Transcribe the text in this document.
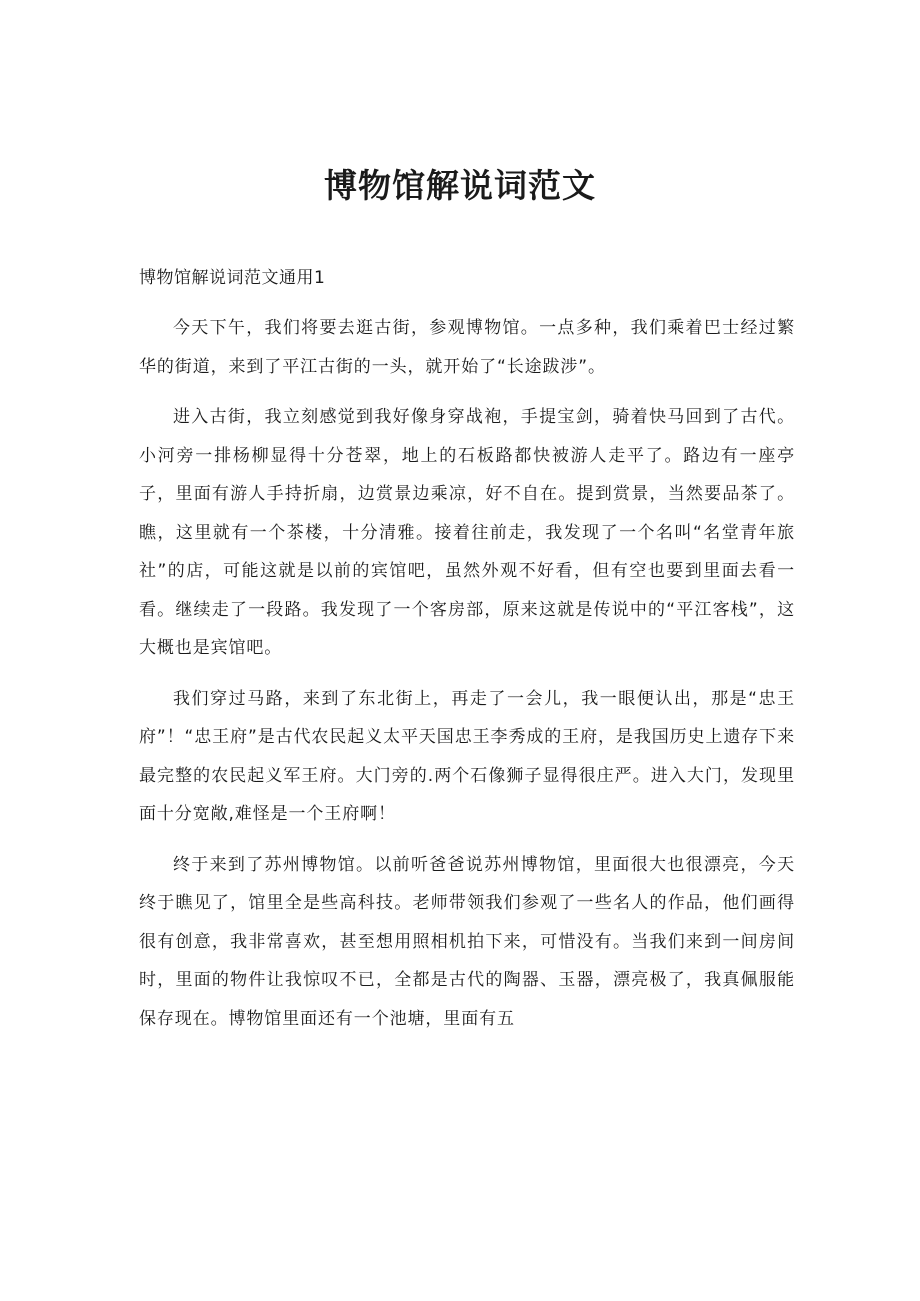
博物馆解说词范文

博物馆解说词范文通用1

今天下午，我们将要去逛古街，参观博物馆。一点多种，我们乘着巴士经过繁华的街道，来到了平江古街的一头，就开始了“长途跋涉”。

进入古街，我立刻感觉到我好像身穿战袍，手提宝剑，骑着快马回到了古代。小河旁一排杨柳显得十分苍翠，地上的石板路都快被游人走平了。路边有一座亭子，里面有游人手持折扇，边赏景边乘凉，好不自在。提到赏景，当然要品茶了。瞧，这里就有一个茶楼，十分清雅。接着往前走，我发现了一个名叫“名堂青年旅社”的店，可能这就是以前的宾馆吧，虽然外观不好看，但有空也要到里面去看一看。继续走了一段路。我发现了一个客房部，原来这就是传说中的“平江客栈”，这大概也是宾馆吧。

我们穿过马路，来到了东北街上，再走了一会儿，我一眼便认出，那是“忠王府”！“忠王府”是古代农民起义太平天国忠王李秀成的王府，是我国历史上遗存下来最完整的农民起义军王府。大门旁的.两个石像狮子显得很庄严。进入大门，发现里面十分宽敞,难怪是一个王府啊！

终于来到了苏州博物馆。以前听爸爸说苏州博物馆，里面很大也很漂亮，今天终于瞧见了，馆里全是些高科技。老师带领我们参观了一些名人的作品，他们画得很有创意，我非常喜欢，甚至想用照相机拍下来，可惜没有。当我们来到一间房间时，里面的物件让我惊叹不已，全都是古代的陶器、玉器，漂亮极了，我真佩服能保存现在。博物馆里面还有一个池塘，里面有五
